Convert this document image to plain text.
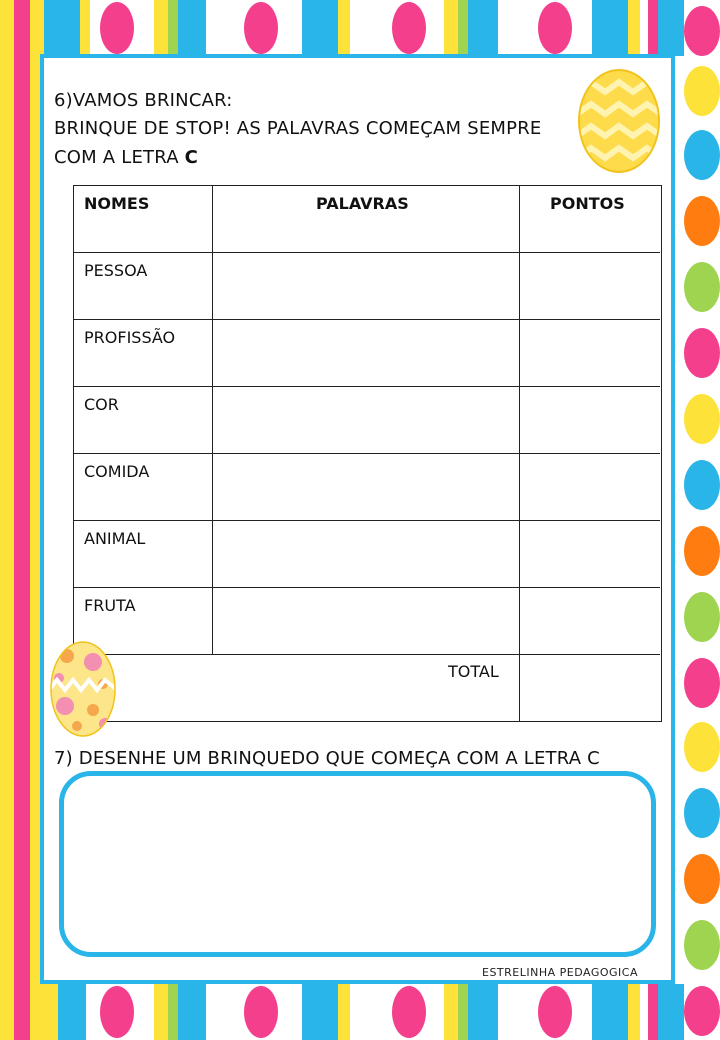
6)VAMOS BRINCAR:
BRINQUE DE STOP! AS PALAVRAS COMEÇAM SEMPRE
COM A LETRA C
NOMES	PALAVRAS	PONTOS
PESSOA
PROFISSÃO
COR
COMIDA
ANIMAL
FRUTA
TOTAL
7) DESENHE UM BRINQUEDO QUE COMEÇA COM A LETRA C
ESTRELINHA PEDAGOGICA
